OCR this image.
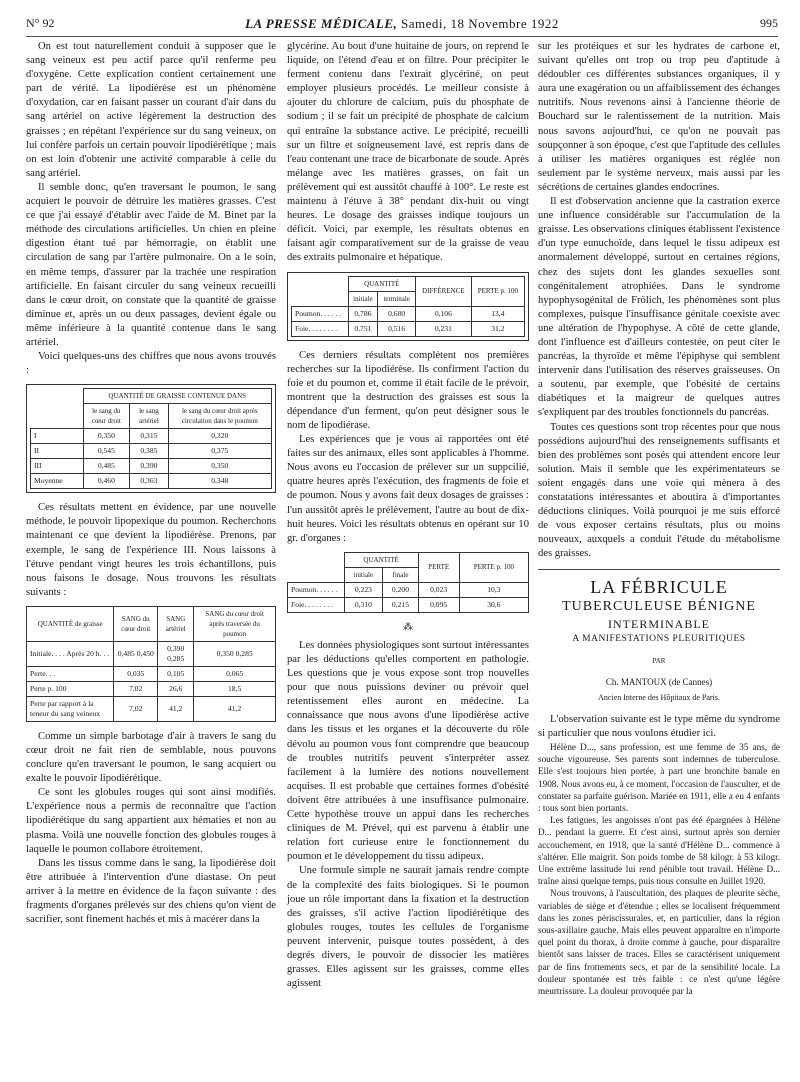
N° 92	LA PRESSE MÉDICALE, Samedi, 18 Novembre 1922	995

On est tout naturellement conduit à supposer que le sang veineux est peu actif parce qu'il renferme peu d'oxygène. Cette explication contient certainement une part de vérité. La lipodiérèse est un phénomène d'oxydation, car en faisant passer un courant d'air dans du sang artériel on active légèrement la destruction des graisses ; en répétant l'expérience sur du sang veineux, on lui confère parfois un certain pouvoir lipodiérétique ; mais on est loin d'obtenir une activité comparable à celle du sang artériel.

Il semble donc, qu'en traversant le poumon, le sang acquiert le pouvoir de détruire les matières grasses. C'est ce que j'ai essayé d'établir avec l'aide de M. Binet par la méthode des circulations artificielles. Un chien en pleine digestion étant tué par hémorragie, on établit une circulation de sang par l'artère pulmonaire. On a le soin, en même temps, d'assurer par la trachée une respiration artificielle. En faisant circuler du sang veineux recueilli dans le cœur droit, on constate que la quantité de graisse diminue et, après un ou deux passages, devient égale ou même inférieure à la quantité contenue dans le sang artériel.

Voici quelques-uns des chiffres que nous avons trouvés :

	QUANTITÉ DE GRAISSE CONTENUE DANS		
	le sang du cœur droit	le sang artériel	le sang du cœur droit après circulation dans le poumon
I	0,350	0,315	0,320
II	0,545	0,385	0,375
III	0,485	0,390	0,350
Moyenne	0,460	0,363	0,348

Ces résultats mettent en évidence, par une nouvelle méthode, le pouvoir lipopexique du poumon. Recherchons maintenant ce que devient la lipodiérèse. Prenons, par exemple, le sang de l'expérience III. Nous laissons à l'étuve pendant vingt heures les trois échantillons, puis nous faisons le dosage. Nous trouvons les résultats suivants :

QUANTITÉ de graisse	SANG du cœur droit	SANG artériel	SANG du cœur droit après traversée du poumon
Initiale. . . . Après 20 h. . .	0,485 0,450	0,390 0,285	0,350 0,285
Perte. . .	0,035	0,105	0,065
Perte p. 100	7,02	26,6	18,5
Perte par rapport à la teneur du sang veineux	7,02	41,2	41,2

Comme un simple barbotage d'air à travers le sang du cœur droit ne fait rien de semblable, nous pouvons conclure qu'en traversant le poumon, le sang acquiert ou exalte le pouvoir lipodiérétique.

Ce sont les globules rouges qui sont ainsi modifiés. L'expérience nous a permis de reconnaître que l'action lipodiérétique du sang appartient aux hématies et non au plasma. Voilà une nouvelle fonction des globules rouges à laquelle le poumon collabore étroitement.

Dans les tissus comme dans le sang, la lipodiérèse doit être attribuée à l'intervention d'une diastase. On peut arriver à la mettre en évidence de la façon suivante : des fragments d'organes prélevés sur des chiens qu'on vient de sacrifier, sont finement hachés et mis à macérer dans la

glycérine. Au bout d'une huitaine de jours, on reprend le liquide, on l'étend d'eau et on filtre. Pour précipiter le ferment contenu dans l'extrait glycériné, on peut employer plusieurs procédés. Le meilleur consiste à ajouter du chlorure de calcium, puis du phosphate de sodium ; il se fait un précipité de phosphate de calcium qui entraîne la substance active. Le précipité, recueilli sur un filtre et soigneusement lavé, est repris dans de l'eau contenant une trace de bicarbonate de soude. Après mélange avec les matières grasses, on fait un prélèvement qui est aussitôt chauffé à 100°. Le reste est maintenu à l'étuve à 38° pendant dix-huit ou vingt heures. Le dosage des graisses indique toujours un déficit. Voici, par exemple, les résultats obtenus en faisant agir comparativement sur de la graisse de veau des extraits pulmonaire et hépatique.

	QUANTITÉ		DIFFÉRENCE	PERTE p. 100
	initiale	terminale		
Poumon. . . . . .	0,786	0,680	0,106	13,4
Foie. . . . . . . .	0,751	0,516	0,231	31,2

Ces derniers résultats complètent nos premières recherches sur la lipodiérèse. Ils confirment l'action du foie et du poumon et, comme il était facile de le prévoir, montrent que la destruction des graisses est sous la dépendance d'un ferment, qu'on peut désigner sous le nom de lipodiérase.

Les expériences que je vous ai rapportées ont été faites sur des animaux, elles sont applicables à l'homme. Nous avons eu l'occasion de prélever sur un suppcilié, quatre heures après l'exécution, des fragments de foie et de poumon. Nous y avons fait deux dosages de graisses : l'un aussitôt après le prélèvement, l'autre au bout de dix-huit heures. Voici les résultats obtenus en opérant sur 10 gr. d'organes :

	QUANTITÉ		PERTE	PERTE p. 100
	initiale	finale		
Poumon. . . . . .	0,223	0,200	0,023	10,3
Foie. . . . . . . .	0,310	0,215	0,095	30,6
⁂

Les données physiologiques sont surtout intéressantes par les déductions qu'elles comportent en pathologie. Les questions que je vous expose sont trop nouvelles pour que nous puissions deviner ou prévoir quel retentissement elles auront en médecine. La connaissance que nous avons d'une lipodiérèse active dans les tissus et les organes et la découverte du rôle dévolu au poumon vous font comprendre que beaucoup de troubles nutritifs peuvent s'interpréter assez facilement à la lumière des notions nouvellement acquises. Il est probable que certaines formes d'obésité doivent être attribuées à une insuffisance pulmonaire. Cette hypothèse trouve un appui dans les recherches cliniques de M. Prével, qui est parvenu à établir une relation fort curieuse entre le fonctionnement du poumon et le développement du tissu adipeux.

Une formule simple ne saurait jamais rendre compte de la complexité des faits biologiques. Si le poumon joue un rôle important dans la fixation et la destruction des graisses, s'il active l'action lipodiérétique des globules rouges, toutes les cellules de l'organisme peuvent intervenir, puisque toutes possèdent, à des degrés divers, le pouvoir de dissocier les matières grasses. Elles agissent sur les graisses, comme elles agissent

sur les protéiques et sur les hydrates de carbone et, suivant qu'elles ont trop ou trop peu d'aptitude à dédoubler ces différentes substances organiques, il y aura une exagération ou un affaiblissement des échanges nutritifs. Nous revenons ainsi à l'ancienne théorie de Bouchard sur le ralentissement de la nutrition. Mais nous savons aujourd'hui, ce qu'on ne pouvait pas soupçonner à son époque, c'est que l'aptitude des cellules à utiliser les matières organiques est réglée non seulement par le système nerveux, mais aussi par les sécrétions de certaines glandes endocrines.

Il est d'observation ancienne que la castration exerce une influence considérable sur l'accumulation de la graisse. Les observations cliniques établissent l'existence d'un type eunuchoïde, dans lequel le tissu adipeux est anormalement développé, surtout en certaines régions, chez des sujets dont les glandes sexuelles sont congénitalement atrophiées. Dans le syndrome hypophysogénital de Frölich, les phénomènes sont plus complexes, puisque l'insuffisance génitale coexiste avec une altération de l'hypophyse. A côté de cette glande, dont l'influence est d'ailleurs contestée, on peut citer le pancréas, la thyroïde et même l'épiphyse qui semblent intervenir dans l'utilisation des réserves graisseuses. On a soutenu, par exemple, que l'obésité de certains diabétiques et la maigreur de quelques autres s'expliquent par des troubles fonctionnels du pancréas.

Toutes ces questions sont trop récentes pour que nous possédions aujourd'hui des renseignements suffisants et bien des problèmes sont posés qui attendent encore leur solution. Mais il semble que les expérimentateurs se soient engagés dans une voie qui mènera à des constatations intéressantes et aboutira à d'importantes déductions cliniques. Voilà pourquoi je me suis efforcé de vous exposer certains résultats, plus ou moins nouveaux, auxquels a conduit l'étude du métabolisme des graisses.

LA FÉBRICULE
TUBERCULEUSE BÉNIGNE
INTERMINABLE
A MANIFESTATIONS PLEURITIQUES
PAR
Ch. MANTOUX (de Cannes)
Ancien Interne des Hôpitaux de Paris.

L'observation suivante est le type même du syndrome si particulier que nous voulons étudier ici.

Hélène D..., sans profession, est une femme de 35 ans, de souche vigoureuse. Ses parents sont indemnes de tuberculose. Elle s'est toujours bien portée, à part une bronchite banale en 1908. Nous avons eu, à ce moment, l'occasion de l'ausculter, et de constater sa parfaite guérison. Mariée en 1911, elle a eu 4 enfants : tous sont bien portants.

Les fatigues, les angoisses n'ont pas été épargnées à Hélène D... pendant la guerre. Et c'est ainsi, surtout après son dernier accouchement, en 1918, que la santé d'Hélène D... commence à s'altérer. Elle maigrit. Son poids tombe de 58 kilogr. à 53 kilogr. Une extrême lassitude lui rend pénible tout travail. Hélène D... traîne ainsi quelque temps, puis nous consulte en Juillet 1920.

Nous trouvons, à l'auscultation, des plaques de pleurite sèche, variables de siège et d'étendue ; elles se localisent fréquemment dans les zones périscissurales, et, en particulier, dans la région sous-axillaire gauche. Mais elles peuvent apparaître en n'importe quel point du thorax, à droite comme à gauche, pour disparaître bientôt sans laisser de traces. Elles se caractérisent uniquement par de fins frottements secs, et par de la sensibilité locale. La douleur spontanée est très faible : ce n'est qu'une légère meurtrissure. La douleur provoquée par la
